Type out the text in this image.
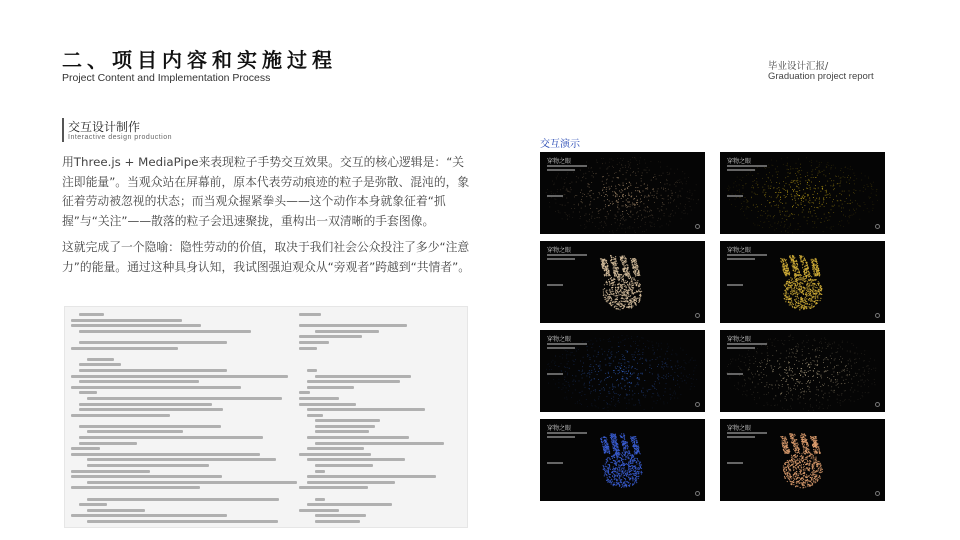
二、项目内容和实施过程
Project Content and Implementation Process
毕业设计汇报/
Graduation project report
交互设计制作
Interactive design production

用Three.js + MediaPipe来表现粒子手势交互效果。交互的核心逻辑是：“关注即能量”。当观众站在屏幕前，原本代表劳动痕迹的粒子是弥散、混沌的，象征着劳动被忽视的状态；而当观众握紧拳头——这个动作本身就象征着“抓握”与“关注”——散落的粒子会迅速聚拢，重构出一双清晰的手套图像。

这就完成了一个隐喻：隐性劳动的价值，取决于我们社会公众投注了多少“注意力”的能量。通过这种具身认知，我试图强迫观众从“旁观者”跨越到“共情者”。

交互演示
穿物之眼	穿物之眼
穿物之眼	穿物之眼
穿物之眼	穿物之眼
穿物之眼	穿物之眼
